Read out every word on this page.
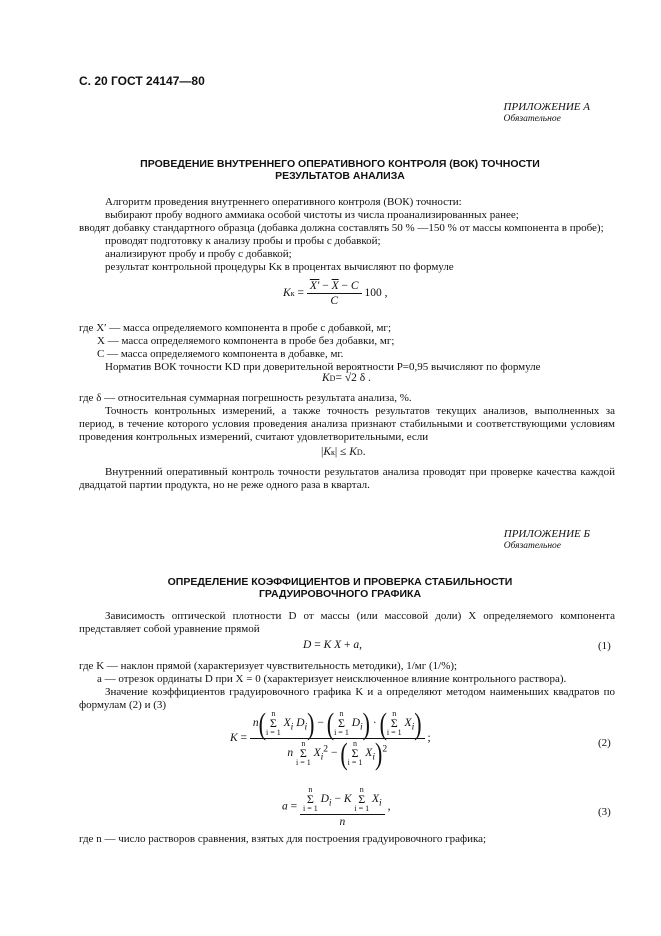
С. 20 ГОСТ 24147—80
ПРИЛОЖЕНИЕ А
Обязательное
ПРОВЕДЕНИЕ ВНУТРЕННЕГО ОПЕРАТИВНОГО КОНТРОЛЯ (ВОК) ТОЧНОСТИ
РЕЗУЛЬТАТОВ АНАЛИЗА
Алгоритм проведения внутреннего оперативного контроля (ВОК) точности:
выбирают пробу водного аммиака особой чистоты из числа проанализированных ранее;
вводят добавку стандартного образца (добавка должна составлять 50 % —150 % от массы компонента в пробе);
проводят подготовку к анализу пробы и пробы с добавкой;
анализируют пробу и пробу с добавкой;
результат контрольной процедуры Kк в процентах вычисляют по формуле
Kк = $\frac{X' - \overline{X} - C}{C} 100$ ,
где X′ — масса определяемого компонента в пробе с добавкой, мг;
X — масса определяемого компонента в пробе без добавки, мг;
C — масса определяемого компонента в добавке, мг.
Норматив ВОК точности KD при доверительной вероятности P=0,95 вычисляют по формуле
KD= √2 δ .
где δ — относительная суммарная погрешность результата анализа, %.
Точность контрольных измерений, а также точность результатов текущих анализов, выполненных за период, в течение которого условия проведения анализа признают стабильными и соответствующими условиям проведения контрольных измерений, считают удовлетворительными, если
|Kк| ≤ KD.
Внутренний оперативный контроль точности результатов анализа проводят при проверке качества каждой двадцатой партии продукта, но не реже одного раза в квартал.
ПРИЛОЖЕНИЕ Б
Обязательное
ОПРЕДЕЛЕНИЕ КОЭФФИЦИЕНТОВ И ПРОВЕРКА СТАБИЛЬНОСТИ
ГРАДУИРОВОЧНОГО ГРАФИКА
Зависимость оптической плотности D от массы (или массовой доли) X определяемого компонента представляет собой уравнение прямой
D = K X + a,	(1)
где K — наклон прямой (характеризует чувствительность методики), 1/мг (1/%);
a — отрезок ординаты D при X = 0 (характеризует неисключенное влияние контрольного раствора).
Значение коэффициентов градуировочного графика K и a определяют методом наименьших квадратов по формулам (2) и (3)
K = n( n
Σ
i = 1
$X_i$ $D_i$) − ( n
Σ
i = 1
$D_i$) · ( n
Σ
i = 1
$X_i$)
n
n
Σ
i = 1
$X_i^2$ − ( n
Σ
i = 1
$X_i)^2$ ;	(2)
a = n
Σ
i = 1
$D_i - K$
n
Σ
i = 1
$X_i$
n ,	(3)
где n — число растворов сравнения, взятых для построения градуировочного графика;
